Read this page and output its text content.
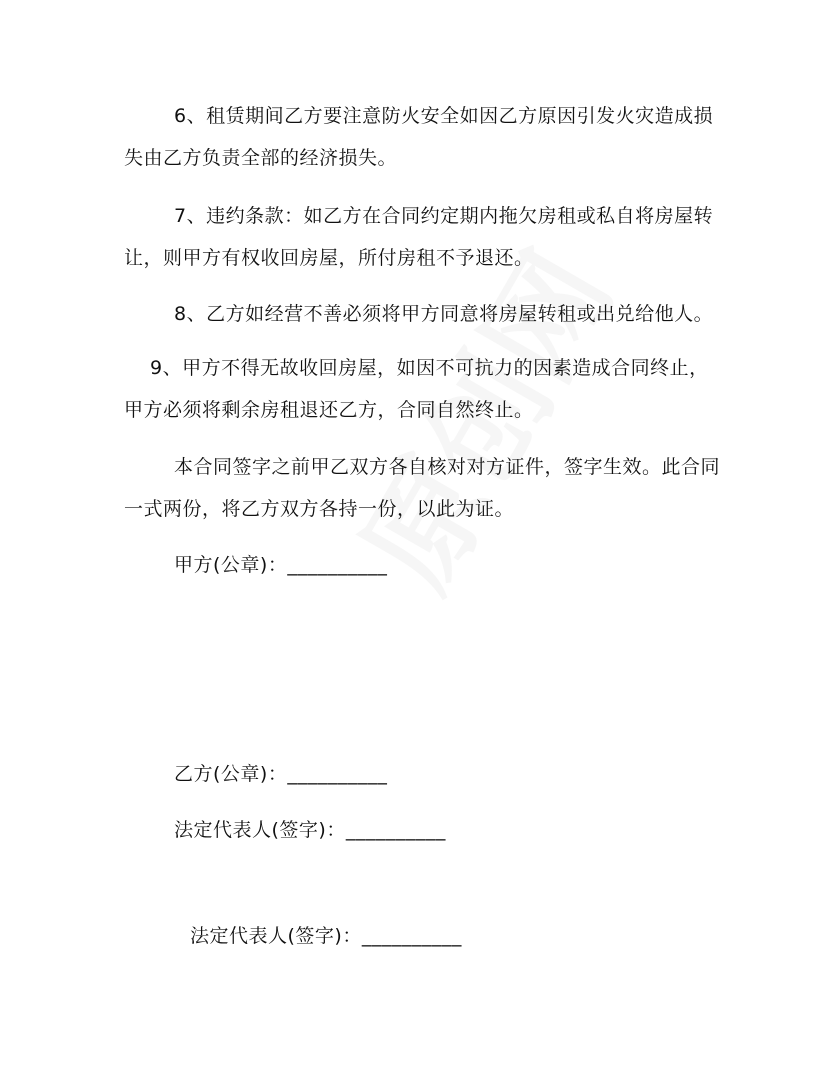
6、租赁期间乙方要注意防火安全如因乙方原因引发火灾造成损
失由乙方负责全部的经济损失。
7、违约条款：如乙方在合同约定期内拖欠房租或私自将房屋转
让，则甲方有权收回房屋，所付房租不予退还。
8、乙方如经营不善必须将甲方同意将房屋转租或出兑给他人。
9、甲方不得无故收回房屋，如因不可抗力的因素造成合同终止，
甲方必须将剩余房租退还乙方，合同自然终止。
本合同签字之前甲乙双方各自核对对方证件，签字生效。此合同
一式两份，将乙方双方各持一份，以此为证。
甲方(公章)：__________
乙方(公章)：__________
法定代表人(签字)：__________
法定代表人(签字)：__________
